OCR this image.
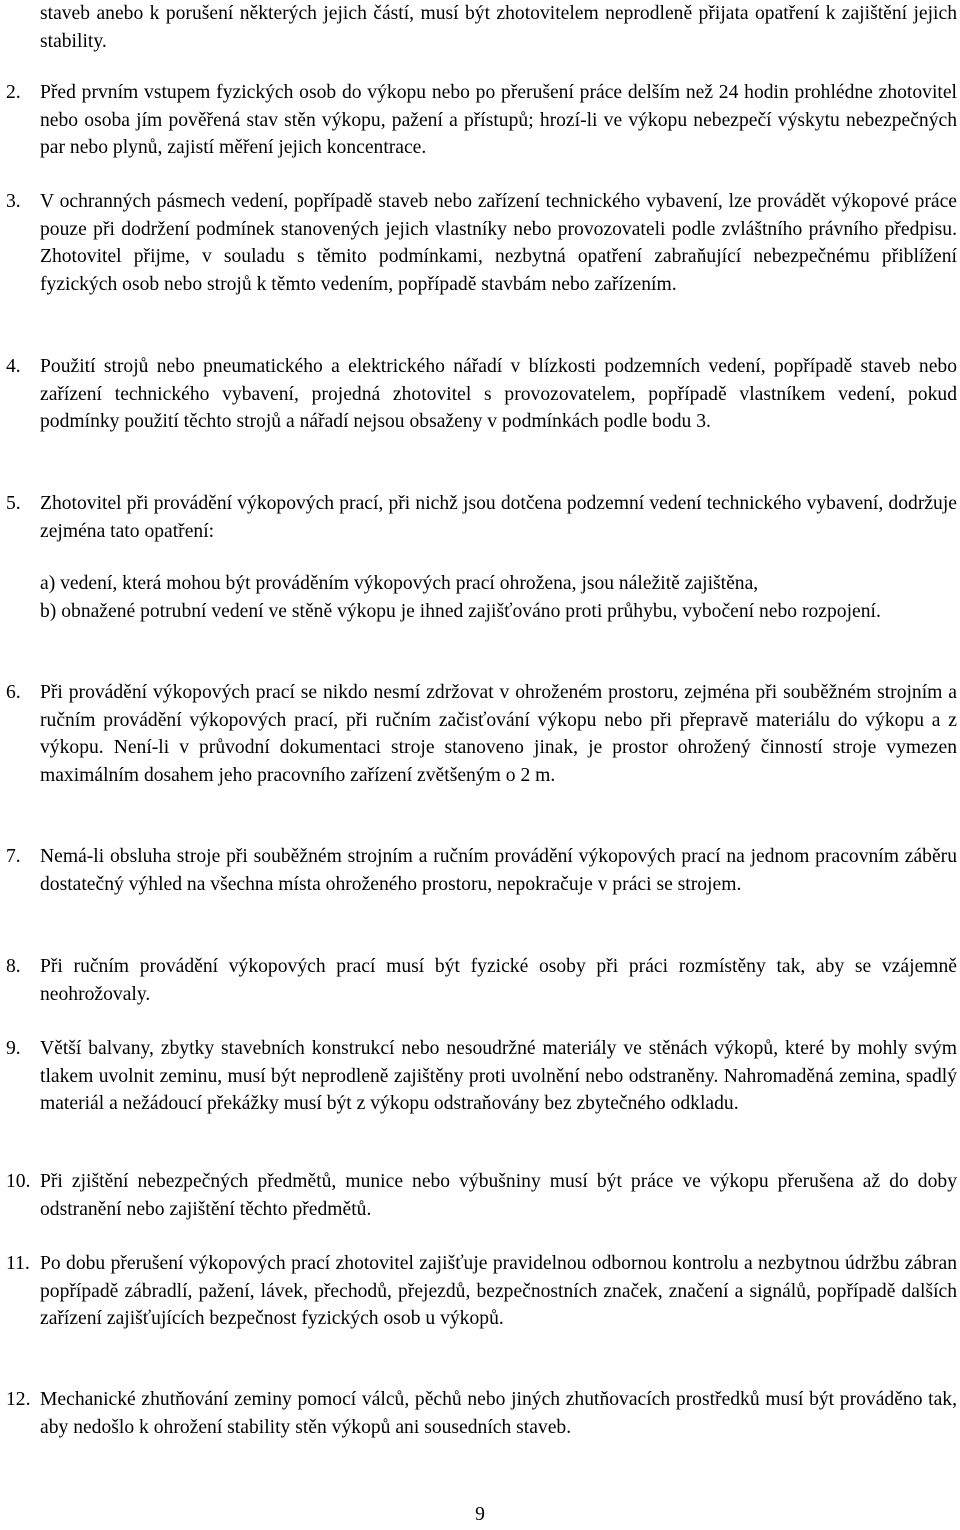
staveb anebo k porušení některých jejich částí, musí být zhotovitelem neprodleně přijata opatření k zajištění jejich stability.
2. Před prvním vstupem fyzických osob do výkopu nebo po přerušení práce delším než 24 hodin prohlédne zhotovitel nebo osoba jím pověřená stav stěn výkopu, pažení a přístupů; hrozí-li ve výkopu nebezpečí výskytu nebezpečných par nebo plynů, zajistí měření jejich koncentrace.
3. V ochranných pásmech vedení, popřípadě staveb nebo zařízení technického vybavení, lze provádět výkopové práce pouze při dodržení podmínek stanovených jejich vlastníky nebo provozovateli podle zvláštního právního předpisu. Zhotovitel přijme, v souladu s těmito podmínkami, nezbytná opatření zabraňující nebezpečnému přiblížení fyzických osob nebo strojů k těmto vedením, popřípadě stavbám nebo zařízením.
4. Použití strojů nebo pneumatického a elektrického nářadí v blízkosti podzemních vedení, popřípadě staveb nebo zařízení technického vybavení, projedná zhotovitel s provozovatelem, popřípadě vlastníkem vedení, pokud podmínky použití těchto strojů a nářadí nejsou obsaženy v podmínkách podle bodu 3.
5. Zhotovitel při provádění výkopových prací, při nichž jsou dotčena podzemní vedení technického vybavení, dodržuje zejména tato opatření:
a) vedení, která mohou být prováděním výkopových prací ohrožena, jsou náležitě zajištěna,
b) obnažené potrubní vedení ve stěně výkopu je ihned zajišťováno proti průhybu, vybočení nebo rozpojení.
6. Při provádění výkopových prací se nikdo nesmí zdržovat v ohroženém prostoru, zejména při souběžném strojním a ručním provádění výkopových prací, při ručním začisťování výkopu nebo při přepravě materiálu do výkopu a z výkopu. Není-li v průvodní dokumentaci stroje stanoveno jinak, je prostor ohrožený činností stroje vymezen maximálním dosahem jeho pracovního zařízení zvětšeným o 2 m.
7. Nemá-li obsluha stroje při souběžném strojním a ručním provádění výkopových prací na jednom pracovním záběru dostatečný výhled na všechna místa ohroženého prostoru, nepokračuje v práci se strojem.
8. Při ručním provádění výkopových prací musí být fyzické osoby při práci rozmístěny tak, aby se vzájemně neohrožovaly.
9. Větší balvany, zbytky stavebních konstrukcí nebo nesoudržné materiály ve stěnách výkopů, které by mohly svým tlakem uvolnit zeminu, musí být neprodleně zajištěny proti uvolnění nebo odstraněny. Nahromaděná zemina, spadlý materiál a nežádoucí překážky musí být z výkopu odstraňovány bez zbytečného odkladu.
10. Při zjištění nebezpečných předmětů, munice nebo výbušniny musí být práce ve výkopu přerušena až do doby odstranění nebo zajištění těchto předmětů.
11. Po dobu přerušení výkopových prací zhotovitel zajišťuje pravidelnou odbornou kontrolu a nezbytnou údržbu zábran popřípadě zábradlí, pažení, lávek, přechodů, přejezdů, bezpečnostních značek, značení a signálů, popřípadě dalších zařízení zajišťujících bezpečnost fyzických osob u výkopů.
12. Mechanické zhutňování zeminy pomocí válců, pěchů nebo jiných zhutňovacích prostředků musí být prováděno tak, aby nedošlo k ohrožení stability stěn výkopů ani sousedních staveb.
9
